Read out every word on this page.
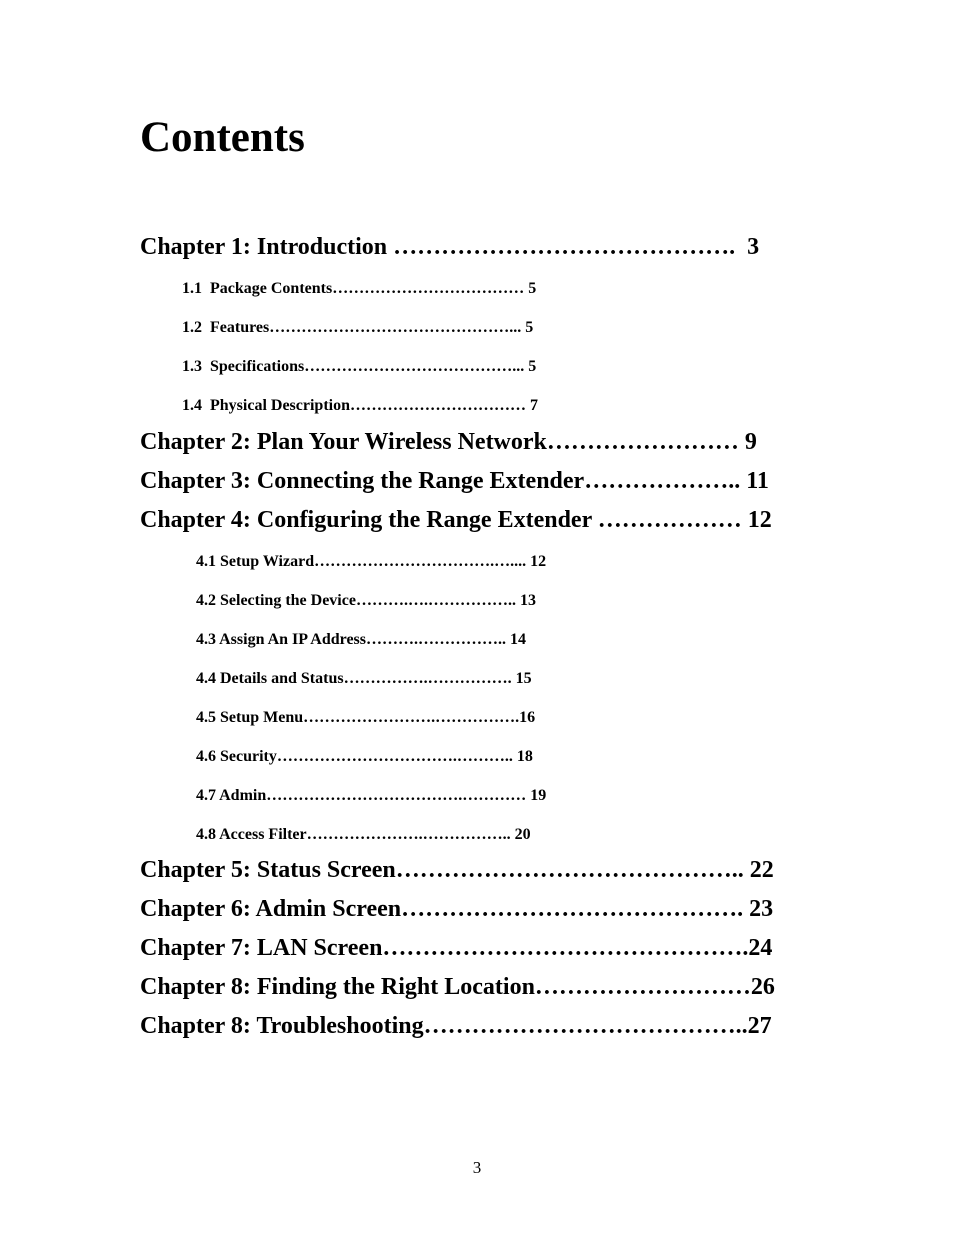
Contents

Chapter 1: Introduction …………………………………….  3

1.1  Package Contents……………………………… 5

1.2  Features………………………………………... 5

1.3  Specifications…………………………………... 5

1.4  Physical Description…………………………… 7

Chapter 2: Plan Your Wireless Network…………………… 9

Chapter 3: Connecting the Range Extender……………….. 11

Chapter 4: Configuring the Range Extender ……………… 12

4.1 Setup Wizard…………………………….….... 12

4.2 Selecting the Device……….….…………….. 13

4.3 Assign An IP Address……….…………….. 14

4.4 Details and Status…………….……………. 15

4.5 Setup Menu…………………….…………….16

4.6 Security…………………………….……….. 18

4.7 Admin……………………………….………… 19

4.8 Access Filter………………….…………….. 20

Chapter 5: Status Screen…………………………………….. 22

Chapter 6: Admin Screen……………………………………. 23

Chapter 7: LAN Screen……………………………………….24

Chapter 8: Finding the Right Location………………………26

Chapter 8: Troubleshooting…………………………………..27

3
